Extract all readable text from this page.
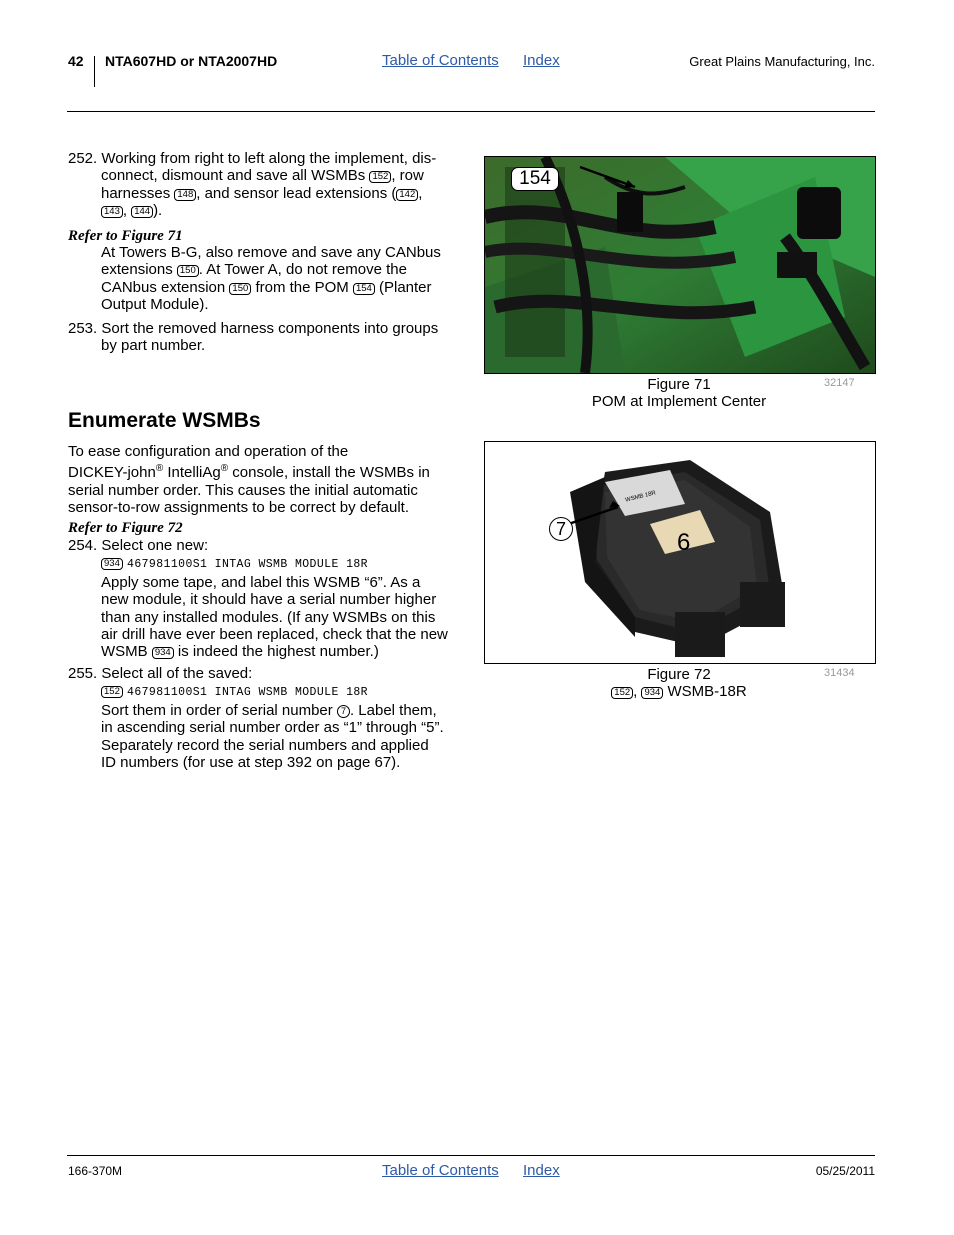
42 NTA607HD or NTA2007HD	Table of Contents Index	Great Plains Manufacturing, Inc.
252. Working from right to left along the implement, dis-
connect, dismount and save all WSMBs 152 , row
harnesses 148 , and sensor lead extensions ( 142 ,
143 , 144 ).
Refer to Figure 71
At Towers B-G, also remove and save any CANbus
extensions 150 . At Tower A, do not remove the
CANbus extension 150 from the POM 154 (Planter
Output Module).
253. Sort the removed harness components into groups
by part number.
Enumerate WSMBs
To ease configuration and operation of the
DICKEY-john® IntelliAg® console, install the WSMBs in
serial number order. This causes the initial automatic
sensor-to-row assignments to be correct by default.
Refer to Figure 72
254. Select one new:
934 467981100S1 INTAG WSMB MODULE 18R
Apply some tape, and label this WSMB “6”. As a
new module, it should have a serial number higher
than any installed modules. (If any WSMBs on this
air drill have ever been replaced, check that the new
WSMB 934 is indeed the highest number.)
255. Select all of the saved:
152 467981100S1 INTAG WSMB MODULE 18R
Sort them in order of serial number 7 . Label them,
in ascending serial number order as “1” through “5”.
Separately record the serial numbers and applied
ID numbers (for use at step 392 on page 67).
154
Figure 71
POM at Implement Center
32147
7	6
WSMB 18R
Figure 72
152 , 934 WSMB-18R
31434
166-370M	Table of Contents Index	05/25/2011
